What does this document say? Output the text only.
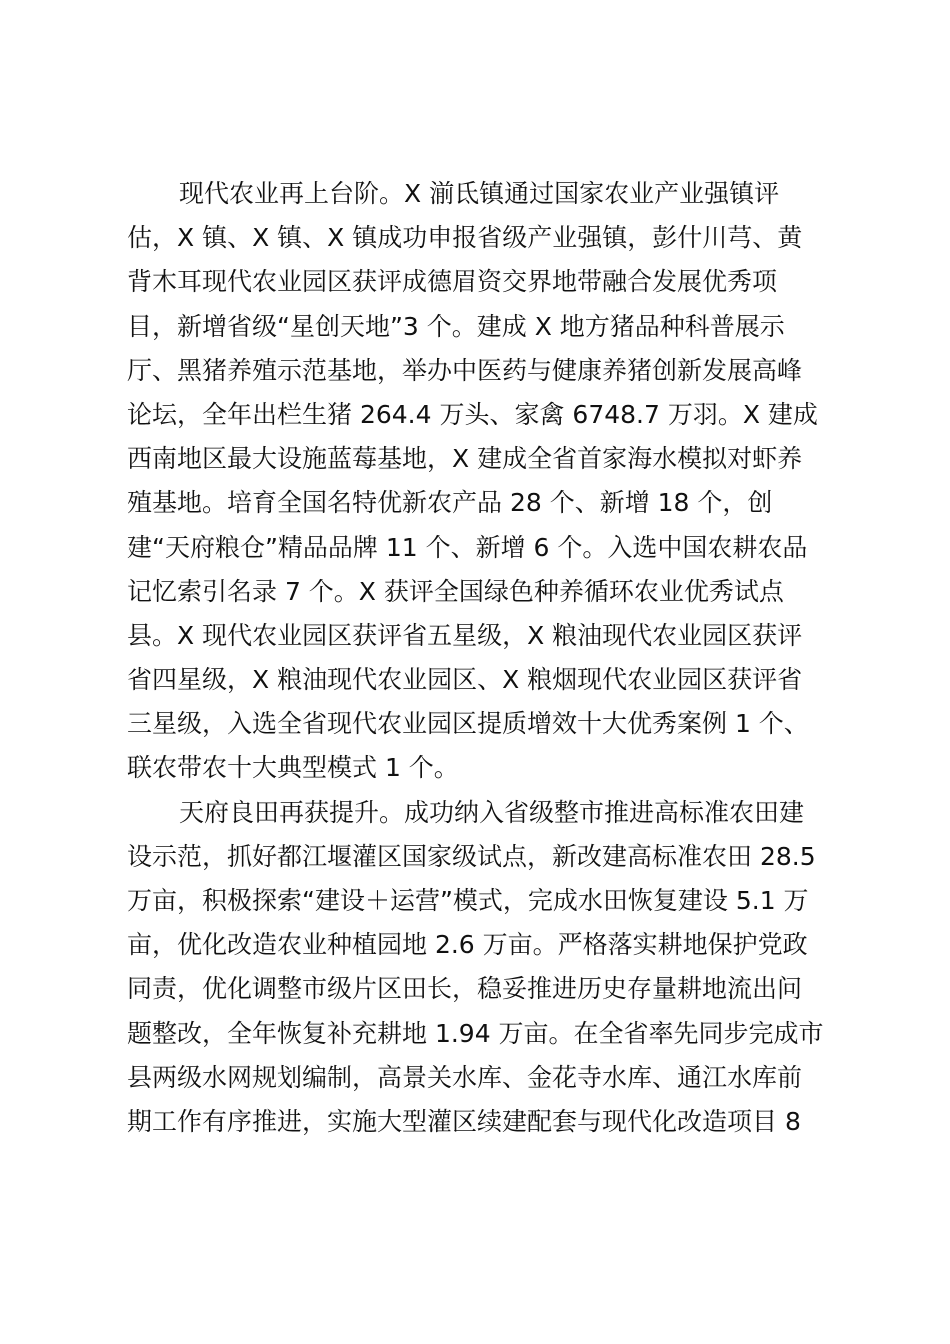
现代农业再上台阶。X 湔氐镇通过国家农业产业强镇评
估，X 镇、X 镇、X 镇成功申报省级产业强镇，彭什川芎、黄
背木耳现代农业园区获评成德眉资交界地带融合发展优秀项
目，新增省级“星创天地”3 个。建成 X 地方猪品种科普展示
厅、黑猪养殖示范基地，举办中医药与健康养猪创新发展高峰
论坛，全年出栏生猪 264.4 万头、家禽 6748.7 万羽。X 建成
西南地区最大设施蓝莓基地，X 建成全省首家海水模拟对虾养
殖基地。培育全国名特优新农产品 28 个、新增 18 个，创
建“天府粮仓”精品品牌 11 个、新增 6 个。入选中国农耕农品
记忆索引名录 7 个。X 获评全国绿色种养循环农业优秀试点
县。X 现代农业园区获评省五星级，X 粮油现代农业园区获评
省四星级，X 粮油现代农业园区、X 粮烟现代农业园区获评省
三星级，入选全省现代农业园区提质增效十大优秀案例 1 个、
联农带农十大典型模式 1 个。
天府良田再获提升。成功纳入省级整市推进高标准农田建
设示范，抓好都江堰灌区国家级试点，新改建高标准农田 28.5
万亩，积极探索“建设＋运营”模式，完成水田恢复建设 5.1 万
亩，优化改造农业种植园地 2.6 万亩。严格落实耕地保护党政
同责，优化调整市级片区田长，稳妥推进历史存量耕地流出问
题整改，全年恢复补充耕地 1.94 万亩。在全省率先同步完成市
县两级水网规划编制，高景关水库、金花寺水库、通江水库前
期工作有序推进，实施大型灌区续建配套与现代化改造项目 8
